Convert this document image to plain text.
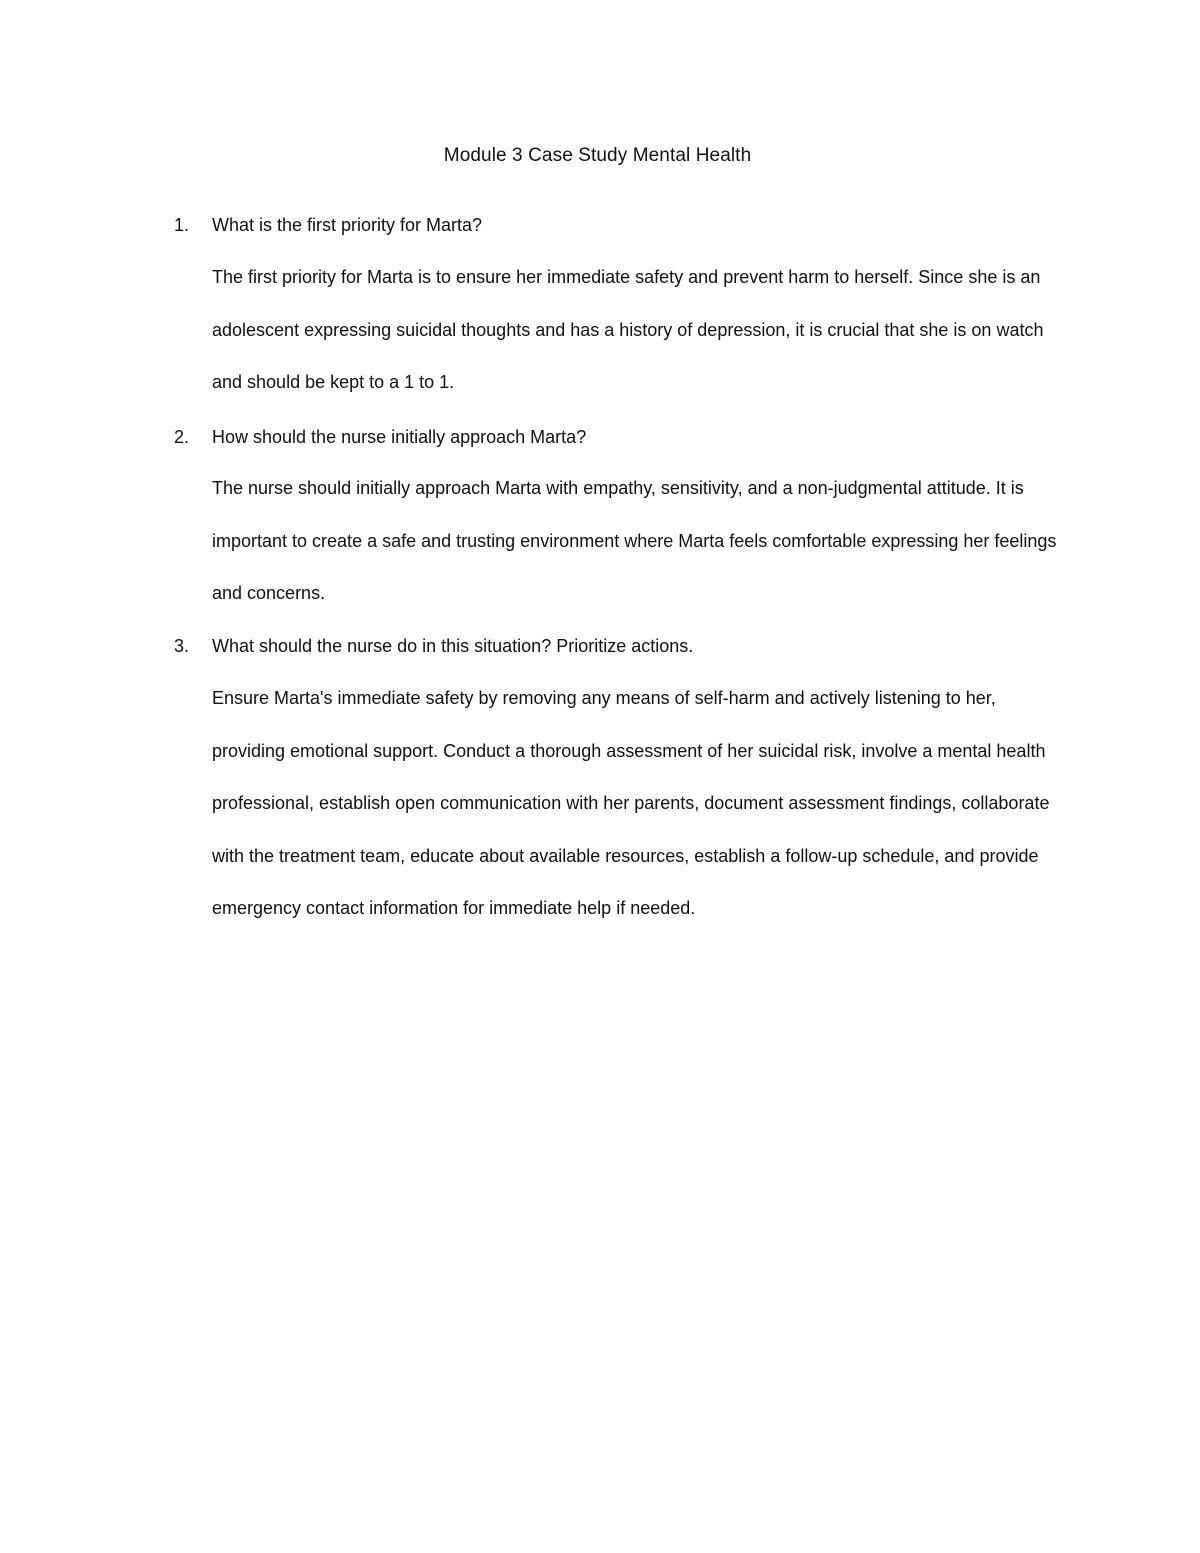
Module 3 Case Study Mental Health
1. What is the first priority for Marta?

The first priority for Marta is to ensure her immediate safety and prevent harm to herself. Since she is an adolescent expressing suicidal thoughts and has a history of depression, it is crucial that she is on watch and should be kept to a 1 to 1.

2. How should the nurse initially approach Marta?

The nurse should initially approach Marta with empathy, sensitivity, and a non-judgmental attitude. It is important to create a safe and trusting environment where Marta feels comfortable expressing her feelings and concerns.

3. What should the nurse do in this situation? Prioritize actions.

Ensure Marta's immediate safety by removing any means of self-harm and actively listening to her, providing emotional support. Conduct a thorough assessment of her suicidal risk, involve a mental health professional, establish open communication with her parents, document assessment findings, collaborate with the treatment team, educate about available resources, establish a follow-up schedule, and provide emergency contact information for immediate help if needed.
